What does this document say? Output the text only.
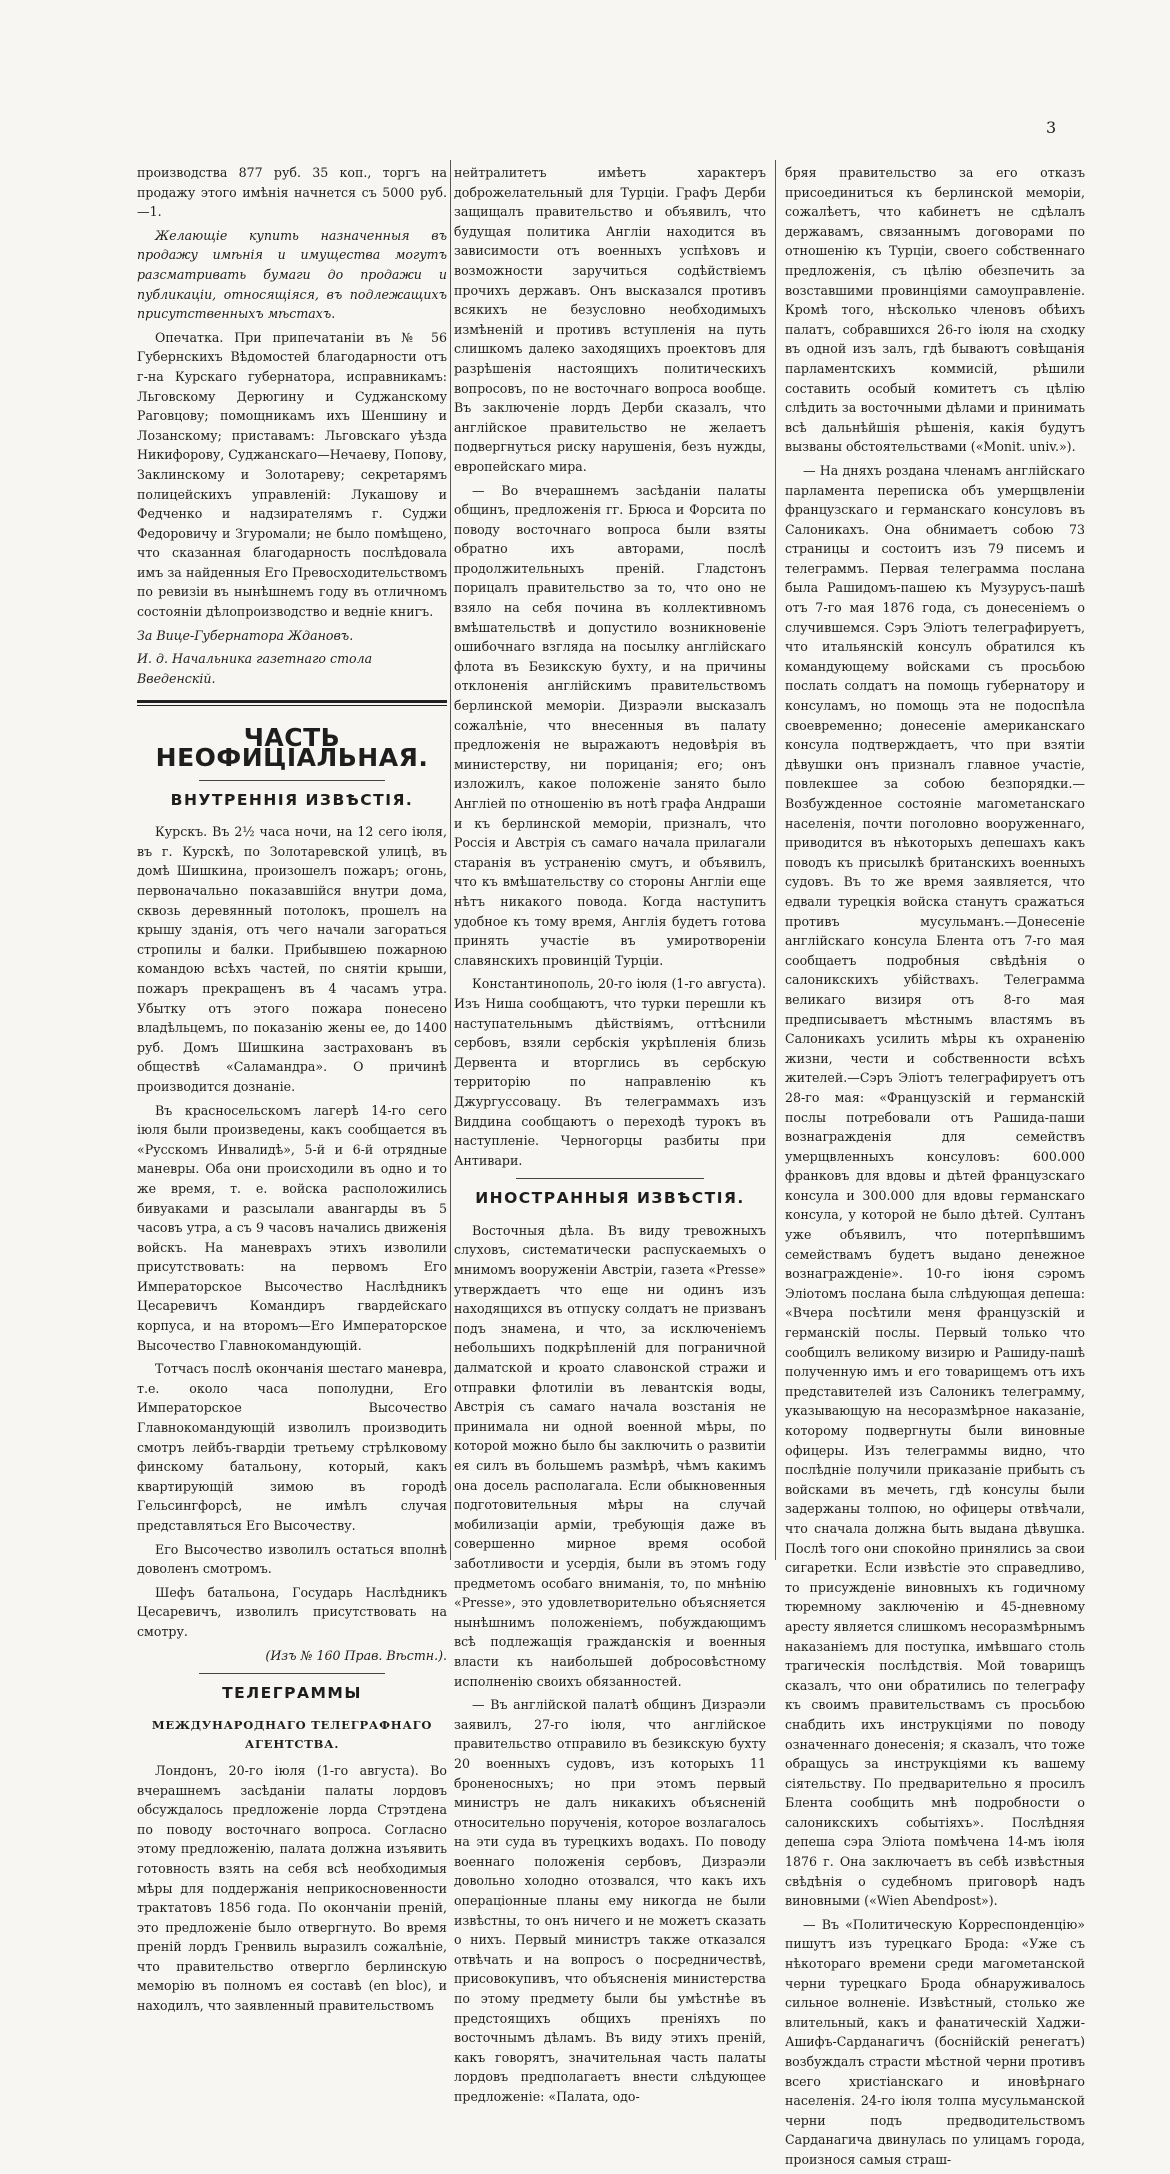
3

производства 877 руб. 35 коп., торгъ на продажу этого имѣнія начнется съ 5000 руб.—1.

Желающіе купить назначенныя въ продажу имѣнія и имущества могутъ разсматривать бумаги до продажи и публикаціи, относящіяся, въ подлежащихъ присутственныхъ мѣстахъ.

Опечатка. При припечатаніи въ № 56 Губернскихъ Вѣдомостей благодарности отъ г-на Курскаго губернатора, исправникамъ: Льговскому Дерюгину и Суджанскому Раговцову; помощникамъ ихъ Шеншину и Лозанскому; приставамъ: Льговскаго уѣзда Никифорову, Суджанскаго—Нечаеву, Попову, Заклинскому и Золотареву; секретарямъ полицейскихъ управленій: Лукашову и Федченко и надзирателямъ г. Суджи Федоровичу и Згуромали; не было помѣщено, что сказанная благодарность послѣдовала имъ за найденныя Его Превосходительствомъ по ревизіи въ нынѣшнемъ году въ отличномъ состояніи дѣлопроизводство и ведніе книгъ.

За Вице-Губернатора Ждановъ.

И. д. Начальника газетнаго стола Введенскій.

ЧАСТЬ НЕОФИЦІАЛЬНАЯ.
ВНУТРЕННІЯ ИЗВѢСТІЯ.

Курскъ. Въ 2½ часа ночи, на 12 сего іюля, въ г. Курскѣ, по Золотаревской улицѣ, въ домѣ Шишкина, произошелъ пожаръ; огонь, первоначально показавшійся внутри дома, сквозь деревянный потолокъ, прошелъ на крышу зданія, отъ чего начали загораться стропилы и балки. Прибывшею пожарною командою всѣхъ частей, по снятіи крыши, пожаръ прекращенъ въ 4 часамъ утра. Убытку отъ этого пожара понесено владѣльцемъ, по показанію жены ее, до 1400 руб. Домъ Шишкина застрахованъ въ обществѣ «Саламандра». О причинѣ производится дознаніе.

Въ красносельскомъ лагерѣ 14-го сего іюля были произведены, какъ сообщается въ «Русскомъ Инвалидѣ», 5-й и 6-й отрядные маневры. Оба они происходили въ одно и то же время, т. е. войска расположились бивуаками и разсылали авангарды въ 5 часовъ утра, а съ 9 часовъ начались движенія войскъ. На маневрахъ этихъ изволили присутствовать: на первомъ Его Императорское Высочество Наслѣдникъ Цесаревичъ Командиръ гвардейскаго корпуса, и на второмъ—Его Императорское Высочество Главнокомандующій.

Тотчасъ послѣ окончанія шестаго маневра, т.е. около часа пополудни, Его Императорское Высочество Главнокомандующій изволилъ производить смотръ лейбъ-гвардіи третьему стрѣлковому финскому батальону, который, какъ квартирующій зимою въ городѣ Гельсингфорсѣ, не имѣлъ случая представляться Его Высочеству.

Его Высочество изволилъ остаться вполнѣ доволенъ смотромъ.

Шефъ батальона, Государь Наслѣдникъ Цесаревичъ, изволилъ присутствовать на смотру.

(Изъ № 160 Прав. Вѣстн.).

ТЕЛЕГРАММЫ
МЕЖДУНАРОДНАГО ТЕЛЕГРАФНАГО АГЕНТСТВА.

Лондонъ, 20-го іюля (1-го августа). Во вчерашнемъ засѣданіи палаты лордовъ обсуждалось предложеніе лорда Стрэтдена по поводу восточнаго вопроса. Согласно этому предложенію, палата должна изъявить готовность взять на себя всѣ необходимыя мѣры для поддержанія неприкосновенности трактатовъ 1856 года. По окончаніи преній, это предложеніе было отвергнуто. Во время преній лордъ Гренвиль выразилъ сожалѣніе, что правительство отвергло берлинскую меморію въ полномъ ея составѣ (en bloc), и находилъ, что заявленный правительствомъ

нейтралитетъ имѣетъ характеръ доброжелательный для Турціи. Графъ Дерби защищалъ правительство и объявилъ, что будущая политика Англіи находится въ зависимости отъ военныхъ успѣховъ и возможности заручиться содѣйствіемъ прочихъ державъ. Онъ высказался противъ всякихъ не безусловно необходимыхъ измѣненій и противъ вступленія на путь слишкомъ далеко заходящихъ проектовъ для разрѣшенія настоящихъ политическихъ вопросовъ, по не восточнаго вопроса вообще. Въ заключеніе лордъ Дерби сказалъ, что англійское правительство не желаетъ подвергнуться риску нарушенія, безъ нужды, европейскаго мира.

— Во вчерашнемъ засѣданіи палаты общинъ, предложенія гг. Брюса и Форсита по поводу восточнаго вопроса были взяты обратно ихъ авторами, послѣ продолжительныхъ преній. Гладстонъ порицалъ правительство за то, что оно не взяло на себя почина въ коллективномъ вмѣшательствѣ и допустило возникновеніе ошибочнаго взгляда на посылку англійскаго флота въ Безикскую бухту, и на причины отклоненія англійскимъ правительствомъ берлинской меморіи. Дизраэли высказалъ сожалѣніе, что внесенныя въ палату предложенія не выражаютъ недовѣрія въ министерству, ни порицанія; его; онъ изложилъ, какое положеніе занято было Англіей по отношенію въ нотѣ графа Андраши и къ берлинской меморіи, призналъ, что Россія и Австрія съ самаго начала прилагали старанія въ устраненію смутъ, и объявилъ, что къ вмѣшательству со стороны Англіи еще нѣтъ никакого повода. Когда наступитъ удобное къ тому время, Англія будетъ готова принять участіе въ умиротвореніи славянскихъ провинцій Турціи.

Константинополь, 20-го іюля (1-го августа). Изъ Ниша сообщаютъ, что турки перешли къ наступательнымъ дѣйствіямъ, оттѣснили сербовъ, взяли сербскія укрѣпленія близь Дервента и вторглись въ сербскую территорію по направленію къ Джургуссовацу. Въ телеграммахъ изъ Виддина сообщаютъ о переходѣ турокъ въ наступленіе. Черногорцы разбиты при Антивари.

ИНОСТРАННЫЯ ИЗВѢСТІЯ.

Восточныя дѣла. Въ виду тревожныхъ слуховъ, систематически распускаемыхъ о мнимомъ вооруженіи Австріи, газета «Presse» утверждаетъ что еще ни одинъ изъ находящихся въ отпуску солдатъ не призванъ подъ знамена, и что, за исключеніемъ небольшихъ подкрѣпленій для пограничной далматской и кроато славонской стражи и отправки флотиліи въ левантскія воды, Австрія съ самаго начала возстанія не принимала ни одной военной мѣры, по которой можно было бы заключить о развитіи ея силъ въ большемъ размѣрѣ, чѣмъ какимъ она досель располагала. Если обыкновенныя подготовительныя мѣры на случай мобилизаціи арміи, требующія даже въ совершенно мирное время особой заботливости и усердія, были въ этомъ году предметомъ особаго вниманія, то, по мнѣнію «Presse», это удовлетворительно объясняется нынѣшнимъ положеніемъ, побуждающимъ всѣ подлежащія гражданскія и военныя власти къ наибольшей добросовѣстному исполненію своихъ обязанностей.

— Въ англійской палатѣ общинъ Дизраэли заявилъ, 27-го іюля, что англійское правительство отправило въ безикскую бухту 20 военныхъ судовъ, изъ которыхъ 11 броненосныхъ; но при этомъ первый министръ не далъ никакихъ объясненій относительно порученія, которое возлагалось на эти суда въ турецкихъ водахъ. По поводу военнаго положенія сербовъ, Дизраэли довольно холодно отозвался, что какъ ихъ операціонные планы ему никогда не были извѣстны, то онъ ничего и не можетъ сказать о нихъ. Первый министръ также отказался отвѣчать и на вопросъ о посредничествѣ, присовокупивъ, что объясненія министерства по этому предмету были бы умѣстнѣе въ предстоящихъ общихъ преніяхъ по восточнымъ дѣламъ. Въ виду этихъ преній, какъ говорятъ, значительная часть палаты лордовъ предполагаетъ внести слѣдующее предложеніе: «Палата, одо-

бряя правительство за его отказъ присоединиться къ берлинской меморіи, сожалѣетъ, что кабинетъ не сдѣлалъ державамъ, связаннымъ договорами по отношенію къ Турціи, своего собственнаго предложенія, съ цѣлію обезпечить за возставшими провинціями самоуправленіе. Кромѣ того, нѣсколько членовъ обѣихъ палатъ, собравшихся 26-го іюля на сходку въ одной изъ залъ, гдѣ бываютъ совѣщанія парламентскихъ коммисій, рѣшили составить особый комитетъ съ цѣлію слѣдить за восточными дѣлами и принимать всѣ дальнѣйшія рѣшенія, какія будутъ вызваны обстоятельствами («Monit. univ.»).

— На дняхъ роздана членамъ англійскаго парламента переписка объ умерщвленіи французскаго и германскаго консуловъ въ Салоникахъ. Она обнимаетъ собою 73 страницы и состоитъ изъ 79 писемъ и телеграммъ. Первая телеграмма послана была Рашидомъ-пашею къ Музурусъ-пашѣ отъ 7-го мая 1876 года, съ донесеніемъ о случившемся. Сэръ Эліотъ телеграфируетъ, что итальянскій консулъ обратился къ командующему войсками съ просьбою послать солдатъ на помощь губернатору и консуламъ, но помощь эта не подоспѣла своевременно; донесеніе американскаго консула подтверждаетъ, что при взятіи дѣвушки онъ призналъ главное участіе, повлекшее за собою безпорядки.—Возбужденное состояніе магометанскаго населенія, почти поголовно вооруженнаго, приводится въ нѣкоторыхъ депешахъ какъ поводъ къ присылкѣ британскихъ военныхъ судовъ. Въ то же время заявляется, что едвали турецкія войска станутъ сражаться противъ мусульманъ.—Донесеніе англійскаго консула Блента отъ 7-го мая сообщаетъ подробныя свѣдѣнія о салоникскихъ убійствахъ. Телеграмма великаго визиря отъ 8-го мая предписываетъ мѣстнымъ властямъ въ Салоникахъ усилить мѣры къ охраненію жизни, чести и собственности всѣхъ жителей.—Сэръ Эліотъ телеграфируетъ отъ 28-го мая: «Французскій и германскій послы потребовали отъ Рашида-паши вознагражденія для семействъ умерщвленныхъ консуловъ: 600.000 франковъ для вдовы и дѣтей французскаго консула и 300.000 для вдовы германскаго консула, у которой не было дѣтей. Султанъ уже объявилъ, что потерпѣвшимъ семействамъ будетъ выдано денежное вознагражденіе». 10-го іюня сэромъ Эліотомъ послана была слѣдующая депеша: «Вчера посѣтили меня французскій и германскій послы. Первый только что сообщилъ великому визирю и Рашиду-пашѣ полученную имъ и его товарищемъ отъ ихъ представителей изъ Салоникъ телеграмму, указывающую на несоразмѣрное наказаніе, которому подвергнуты были виновные офицеры. Изъ телеграммы видно, что послѣдніе получили приказаніе прибыть съ войсками въ мечеть, гдѣ консулы были задержаны толпою, но офицеры отвѣчали, что сначала должна быть выдана дѣвушка. Послѣ того они спокойно принялись за свои сигаретки. Если извѣстіе это справедливо, то присужденіе виновныхъ къ годичному тюремному заключенію и 45-дневному аресту является слишкомъ несоразмѣрнымъ наказаніемъ для поступка, имѣвшаго столь трагическія послѣдствія. Мой товарищъ сказалъ, что они обратились по телеграфу къ своимъ правительствамъ съ просьбою снабдить ихъ инструкціями по поводу означеннаго донесенія; я сказалъ, что тоже обращусь за инструкціями къ вашему сіятельству. По предварительно я просилъ Блента сообщить мнѣ подробности о салоникскихъ событіяхъ». Послѣдняя депеша сэра Эліота помѣчена 14-мъ іюля 1876 г. Она заключаетъ въ себѣ извѣстныя свѣдѣнія о судебномъ приговорѣ надъ виновными («Wien Abendpost»).

— Въ «Политическую Корреспонденцію» пишутъ изъ турецкаго Брода: «Уже съ нѣкотораго времени среди магометанской черни турецкаго Брода обнаруживалось сильное волненіе. Извѣстный, столько же влительный, какъ и фанатическій Хаджи-Ашифъ-Сарданагичъ (боснійскій ренегатъ) возбуждалъ страсти мѣстной черни противъ всего христіанскаго и иновѣрнаго населенія. 24-го іюля толпа мусульманской черни подъ предводительствомъ Сарданагича двинулась по улицамъ города, произнося самыя страш-
